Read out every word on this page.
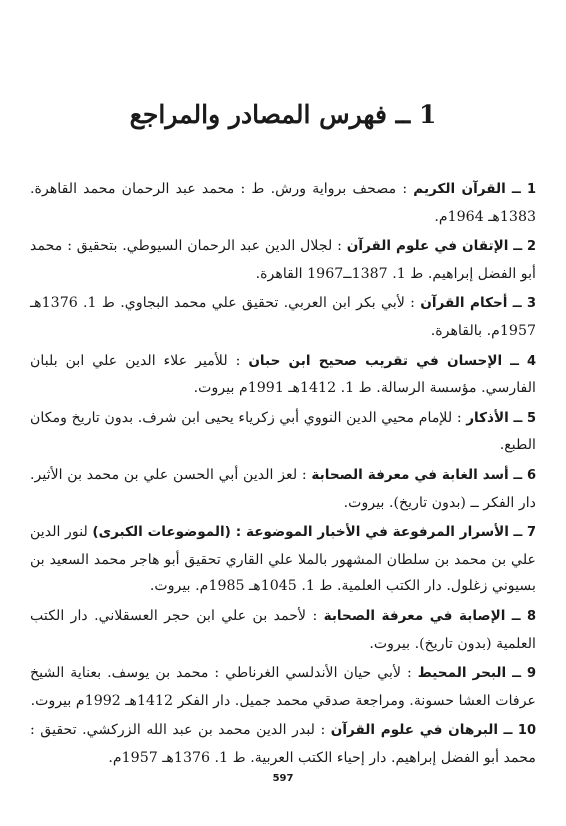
1 ــ فهرس المصادر والمراجع

1 ــ القرآن الكريم : مصحف برواية ورش. ط : محمد عبد الرحمان محمد القاهرة. 1383هـ 1964م.

2 ــ الإتقان في علوم القرآن : لجلال الدين عبد الرحمان السيوطي. بتحقيق : محمد أبو الفضل إبراهيم. ط 1. 1387ــ1967 القاهرة.

3 ــ أحكام القرآن : لأبي بكر ابن العربي. تحقيق علي محمد البجاوي. ط 1. 1376هـ 1957م. بالقاهرة.

4 ــ الإحسان في تقريب صحيح ابن حبان : للأمير علاء الدين علي ابن بلبان الفارسي. مؤسسة الرسالة. ط 1. 1412هـ 1991م بيروت.

5 ــ الأذكار : للإمام محيي الدين النووي أبي زكرياء يحيى ابن شرف. بدون تاريخ ومكان الطبع.

6 ــ أسد الغابة في معرفة الصحابة : لعز الدين أبي الحسن علي بن محمد بن الأثير. دار الفكر ــ (بدون تاريخ). بيروت.

7 ــ الأسرار المرفوعة في الأخبار الموضوعة : (الموضوعات الكبرى) لنور الدين علي بن محمد بن سلطان المشهور بالملا علي القاري تحقيق أبو هاجر محمد السعيد بن بسيوني زغلول. دار الكتب العلمية. ط 1. 1045هـ 1985م. بيروت.

8 ــ الإصابة في معرفة الصحابة : لأحمد بن علي ابن حجر العسقلاني. دار الكتب العلمية (بدون تاريخ). بيروت.

9 ــ البحر المحيط : لأبي حيان الأندلسي الغرناطي : محمد بن يوسف. بعناية الشيخ عرفات العشا حسونة. ومراجعة صدقي محمد جميل. دار الفكر 1412هـ 1992م بيروت.

10 ــ البرهان في علوم القرآن : لبدر الدين محمد بن عبد الله الزركشي. تحقيق : محمد أبو الفضل إبراهيم. دار إحياء الكتب العربية. ط 1. 1376هـ 1957م.

597
